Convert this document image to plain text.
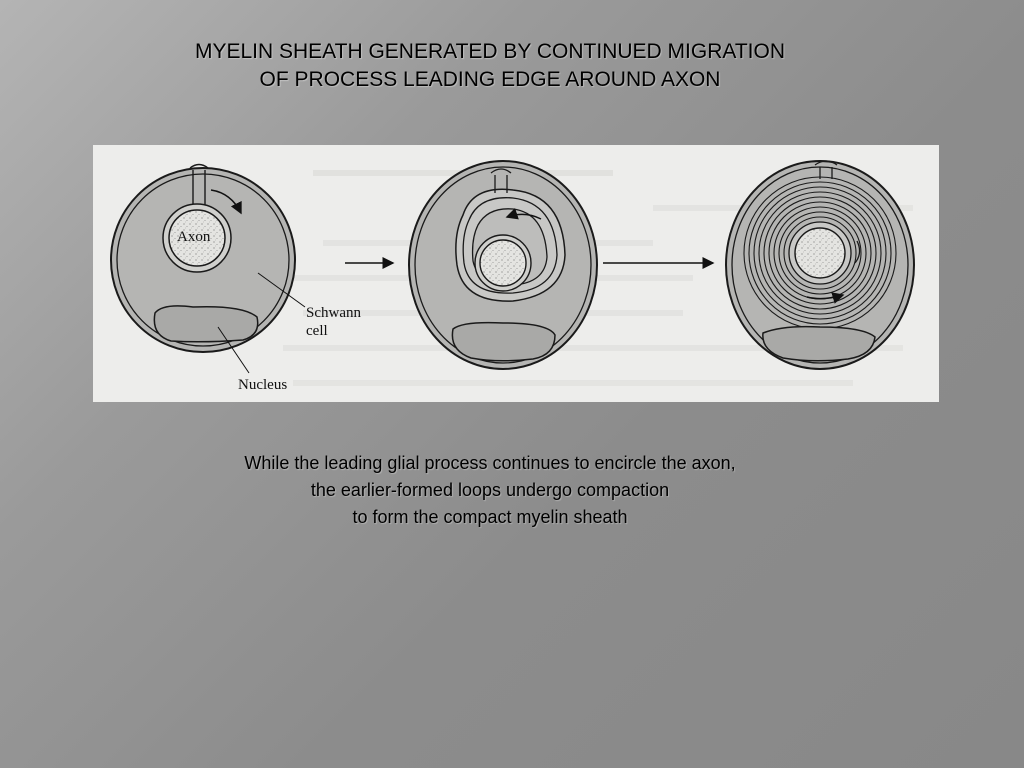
MYELIN SHEATH GENERATED BY CONTINUED MIGRATION
OF PROCESS LEADING EDGE AROUND AXON
Axon
Schwann
cell
Nucleus
While the leading glial process continues to encircle the axon,
the earlier-formed loops undergo compaction
to form the compact myelin sheath
